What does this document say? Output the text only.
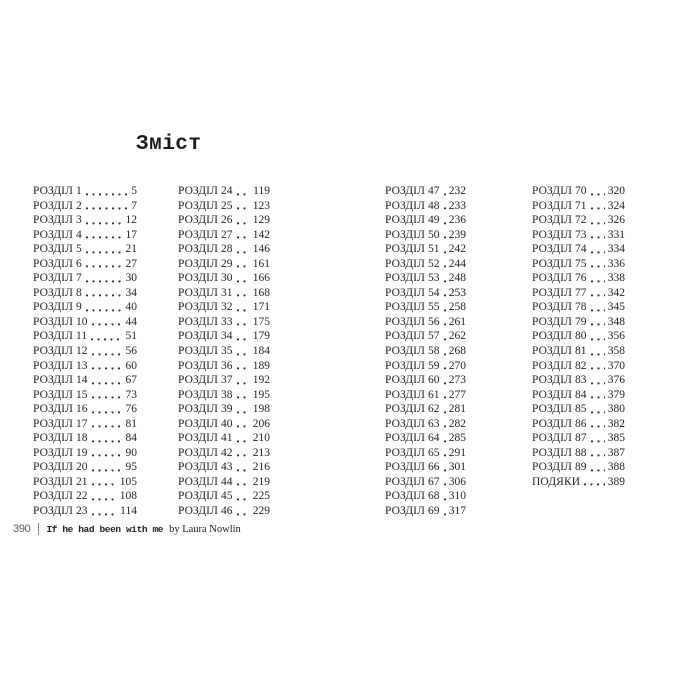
Зміст
РОЗДІЛ 1	5
РОЗДІЛ 2	7
РОЗДІЛ 3	12
РОЗДІЛ 4	17
РОЗДІЛ 5	21
РОЗДІЛ 6	27
РОЗДІЛ 7	30
РОЗДІЛ 8	34
РОЗДІЛ 9	40
РОЗДІЛ 10	44
РОЗДІЛ 11	51
РОЗДІЛ 12	56
РОЗДІЛ 13	60
РОЗДІЛ 14	67
РОЗДІЛ 15	73
РОЗДІЛ 16	76
РОЗДІЛ 17	81
РОЗДІЛ 18	84
РОЗДІЛ 19	90
РОЗДІЛ 20	95
РОЗДІЛ 21	105
РОЗДІЛ 22	108
РОЗДІЛ 23	114
РОЗДІЛ 24 119
РОЗДІЛ 25 123
РОЗДІЛ 26 129
РОЗДІЛ 27 142
РОЗДІЛ 28 146
РОЗДІЛ 29 161
РОЗДІЛ 30 166
РОЗДІЛ 31 168
РОЗДІЛ 32 171
РОЗДІЛ 33 175
РОЗДІЛ 34 179
РОЗДІЛ 35 184
РОЗДІЛ 36 189
РОЗДІЛ 37 192
РОЗДІЛ 38 195
РОЗДІЛ 39 198
РОЗДІЛ 40 206
РОЗДІЛ 41 210
РОЗДІЛ 42 213
РОЗДІЛ 43 216
РОЗДІЛ 44 219
РОЗДІЛ 45 225
РОЗДІЛ 46 229
РОЗДІЛ 47 232
РОЗДІЛ 48 233
РОЗДІЛ 49 236
РОЗДІЛ 50 239
РОЗДІЛ 51 242
РОЗДІЛ 52 244
РОЗДІЛ 53 248
РОЗДІЛ 54 253
РОЗДІЛ 55 258
РОЗДІЛ 56 261
РОЗДІЛ 57 262
РОЗДІЛ 58 268
РОЗДІЛ 59 270
РОЗДІЛ 60 273
РОЗДІЛ 61 277
РОЗДІЛ 62 281
РОЗДІЛ 63 282
РОЗДІЛ 64 285
РОЗДІЛ 65 291
РОЗДІЛ 66 301
РОЗДІЛ 67 306
РОЗДІЛ 68 310
РОЗДІЛ 69 317
РОЗДІЛ 70 320
РОЗДІЛ 71 324
РОЗДІЛ 72 326
РОЗДІЛ 73 331
РОЗДІЛ 74 334
РОЗДІЛ 75 336
РОЗДІЛ 76 338
РОЗДІЛ 77 342
РОЗДІЛ 78 345
РОЗДІЛ 79 348
РОЗДІЛ 80 356
РОЗДІЛ 81 358
РОЗДІЛ 82 370
РОЗДІЛ 83 376
РОЗДІЛ 84 379
РОЗДІЛ 85 380
РОЗДІЛ 86 382
РОЗДІЛ 87 385
РОЗДІЛ 88 387
РОЗДІЛ 89 388
ПОДЯКИ 389
390 If he had been with me by Laura Nowlin
